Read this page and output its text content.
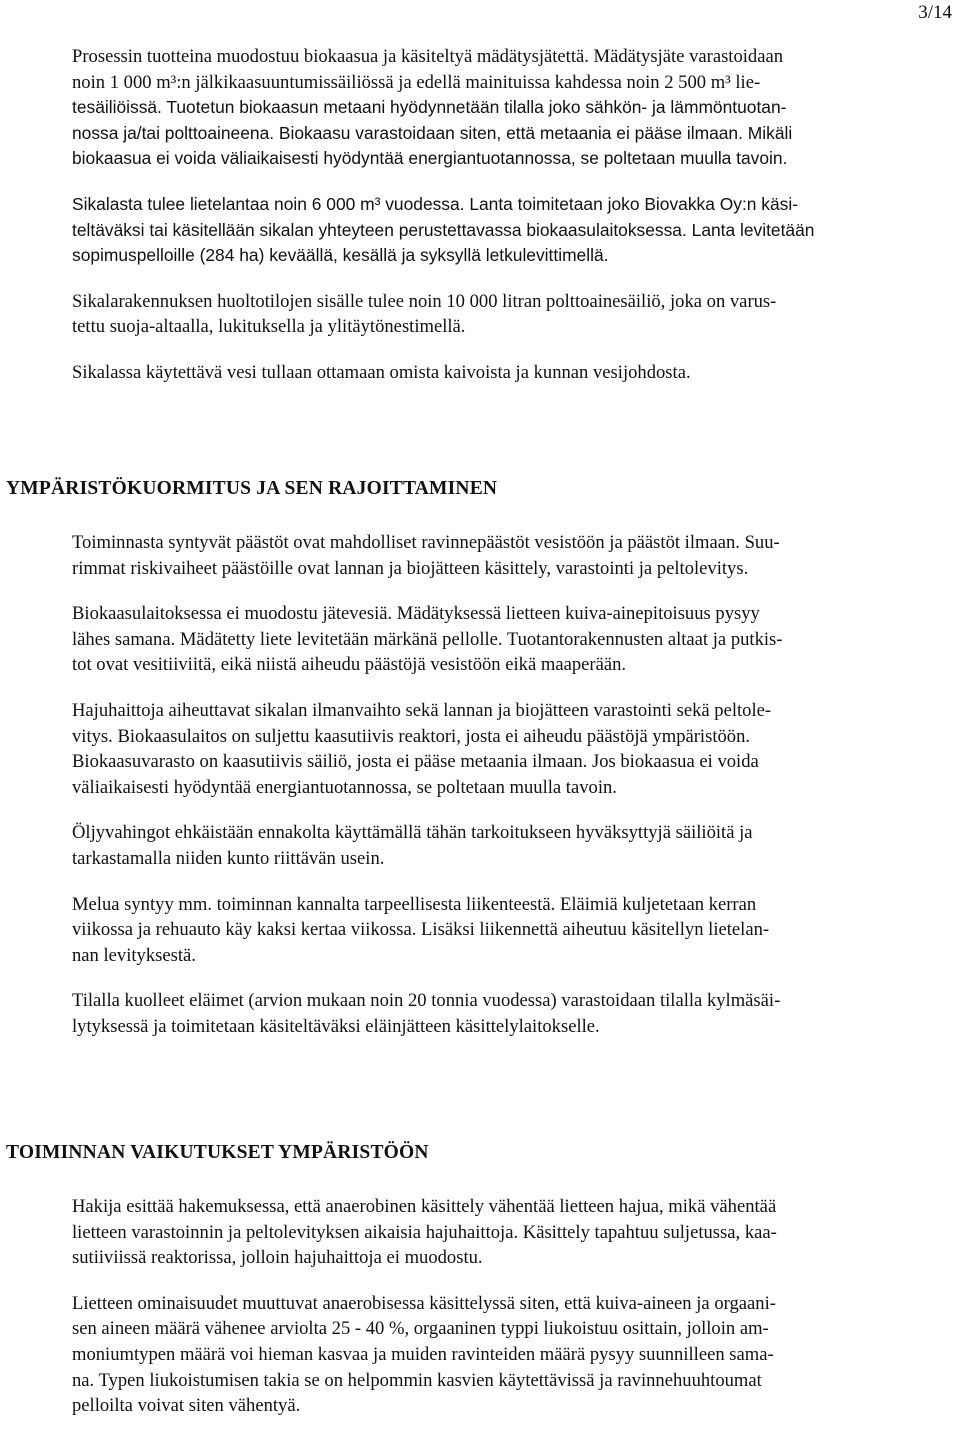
3/14
Prosessin tuotteina muodostuu biokaasua ja käsiteltyä mädätysjätettä. Mädätysjäte varastoidaan
noin 1 000 m³:n jälkikaasuuntumissäiliössä ja edellä mainituissa kahdessa noin 2 500 m³ lie-
tesäiliöissä. Tuotetun biokaasun metaani hyödynnetään tilalla joko sähkön- ja lämmöntuotan-
nossa ja/tai polttoaineena. Biokaasu varastoidaan siten, että metaania ei pääse ilmaan. Mikäli
biokaasua ei voida väliaikaisesti hyödyntää energiantuotannossa, se poltetaan muulla tavoin.
Sikalasta tulee lietelantaa noin 6 000 m³ vuodessa. Lanta toimitetaan joko Biovakka Oy:n käsi-
teltäväksi tai käsitellään sikalan yhteyteen perustettavassa biokaasulaitoksessa. Lanta levitetään
sopimuspelloille (284 ha) keväällä, kesällä ja syksyllä letkulevittimellä.
Sikalarakennuksen huoltotilojen sisälle tulee noin 10 000 litran polttoainesäiliö, joka on varus-
tettu suoja-altaalla, lukituksella ja ylitäytönestimellä.
Sikalassa käytettävä vesi tullaan ottamaan omista kaivoista ja kunnan vesijohdosta.
YMPÄRISTÖKUORMITUS JA SEN RAJOITTAMINEN
Toiminnasta syntyvät päästöt ovat mahdolliset ravinnepäästöt vesistöön ja päästöt ilmaan. Suu-
rimmat riskivaiheet päästöille ovat lannan ja biojätteen käsittely, varastointi ja peltolevitys.
Biokaasulaitoksessa ei muodostu jätevesiä. Mädätyksessä lietteen kuiva-ainepitoisuus pysyy
lähes samana. Mädätetty liete levitetään märkänä pellolle. Tuotantorakennusten altaat ja putkis-
tot ovat vesitiiviitä, eikä niistä aiheudu päästöjä vesistöön eikä maaperään.
Hajuhaittoja aiheuttavat sikalan ilmanvaihto sekä lannan ja biojätteen varastointi sekä peltole-
vitys. Biokaasulaitos on suljettu kaasutiivis reaktori, josta ei aiheudu päästöjä ympäristöön.
Biokaasuvarasto on kaasutiivis säiliö, josta ei pääse metaania ilmaan. Jos biokaasua ei voida
väliaikaisesti hyödyntää energiantuotannossa, se poltetaan muulla tavoin.
Öljyvahingot ehkäistään ennakolta käyttämällä tähän tarkoitukseen hyväksyttyjä säiliöitä ja
tarkastamalla niiden kunto riittävän usein.
Melua syntyy mm. toiminnan kannalta tarpeellisesta liikenteestä. Eläimiä kuljetetaan kerran
viikossa ja rehuauto käy kaksi kertaa viikossa. Lisäksi liikennettä aiheutuu käsitellyn lietelan-
nan levityksestä.
Tilalla kuolleet eläimet (arvion mukaan noin 20 tonnia vuodessa) varastoidaan tilalla kylmäsäi-
lytyksessä ja toimitetaan käsiteltäväksi eläinjätteen käsittelylaitokselle.
TOIMINNAN VAIKUTUKSET YMPÄRISTÖÖN
Hakija esittää hakemuksessa, että anaerobinen käsittely vähentää lietteen hajua, mikä vähentää
lietteen varastoinnin ja peltolevityksen aikaisia hajuhaittoja. Käsittely tapahtuu suljetussa, kaa-
sutiiviissä reaktorissa, jolloin hajuhaittoja ei muodostu.
Lietteen ominaisuudet muuttuvat anaerobisessa käsittelyssä siten, että kuiva-aineen ja orgaani-
sen aineen määrä vähenee arviolta 25 - 40 %, orgaaninen typpi liukoistuu osittain, jolloin am-
moniumtypen määrä voi hieman kasvaa ja muiden ravinteiden määrä pysyy suunnilleen sama-
na. Typen liukoistumisen takia se on helpommin kasvien käytettävissä ja ravinnehuuhtoumat
pelloilta voivat siten vähentyä.
